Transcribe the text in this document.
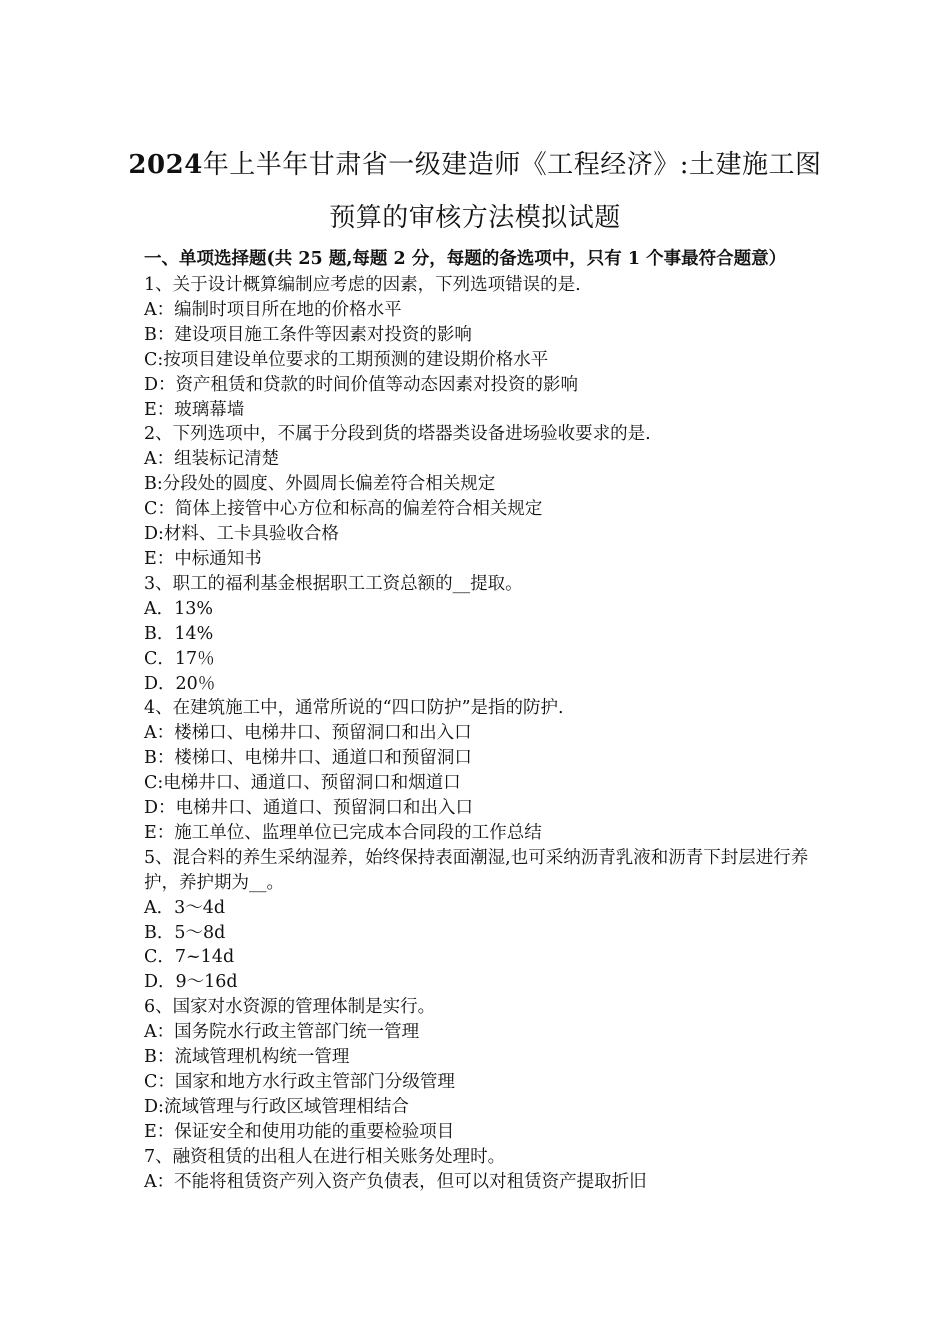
2024年上半年甘肃省一级建造师《工程经济》:土建施工图
预算的审核方法模拟试题
一、单项选择题(共 25 题,每题 2 分，每题的备选项中，只有 1 个事最符合题意）
1、关于设计概算编制应考虑的因素，下列选项错误的是.
A：编制时项目所在地的价格水平
B：建设项目施工条件等因素对投资的影响
C:按项目建设单位要求的工期预测的建设期价格水平
D：资产租赁和贷款的时间价值等动态因素对投资的影响
E：玻璃幕墙
2、下列选项中，不属于分段到货的塔器类设备进场验收要求的是.
A：组装标记清楚
B:分段处的圆度、外圆周长偏差符合相关规定
C：简体上接管中心方位和标高的偏差符合相关规定
D:材料、工卡具验收合格
E：中标通知书
3、职工的福利基金根据职工工资总额的__提取。
A．13%
B．14%
C．17％
D．20％
4、在建筑施工中，通常所说的“四口防护”是指的防护.
A：楼梯口、电梯井口、预留洞口和出入口
B：楼梯口、电梯井口、通道口和预留洞口
C:电梯井口、通道口、预留洞口和烟道口
D：电梯井口、通道口、预留洞口和出入口
E：施工单位、监理单位已完成本合同段的工作总结
5、混合料的养生采纳湿养，始终保持表面潮湿,也可采纳沥青乳液和沥青下封层进行养护，养护期为__。
A．3～4d
B．5～8d
C．7~14d
D．9～16d
6、国家对水资源的管理体制是实行。
A：国务院水行政主管部门统一管理
B：流域管理机构统一管理
C：国家和地方水行政主管部门分级管理
D:流域管理与行政区域管理相结合
E：保证安全和使用功能的重要检验项目
7、融资租赁的出租人在进行相关账务处理时。
A：不能将租赁资产列入资产负债表，但可以对租赁资产提取折旧
